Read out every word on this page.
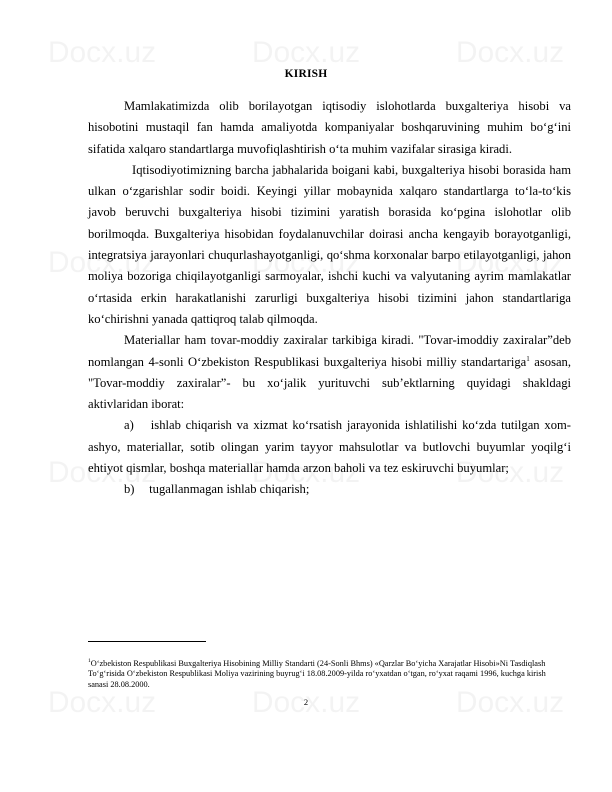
KIRISH

Mamlakatimizda olib borilayotgan iqtisodiy islohotlarda buxgalteriya hisobi va hisobotini mustaqil fan hamda amaliyotda kompaniyalar boshqaruvining muhim bo‘g‘ini sifatida xalqaro standartlarga muvofiqlashtirish o‘ta muhim vazifalar sirasiga kiradi.

Iqtisodiyotimizning barcha jabhalarida boigani kabi, buxgalteriya hisobi borasida ham ulkan o‘zgarishlar sodir boidi. Keyingi yillar mobaynida xalqaro standartlarga to‘la-to‘kis javob beruvchi buxgalteriya hisobi tizimini yaratish borasida ko‘pgina islohotlar olib borilmoqda. Buxgalteriya hisobidan foydalanuvchilar doirasi ancha kengayib borayotganligi, integratsiya jarayonlari chuqurlashayotganligi, qo‘shma korxonalar barpo etilayotganligi, jahon moliya bozoriga chiqilayotganligi sarmoyalar, ishchi kuchi va valyutaning ayrim mamlakatlar o‘rtasida erkin harakatlanishi zarurligi buxgalteriya hisobi tizimini jahon standartlariga ko‘chirishni yanada qattiqroq talab qilmoqda.

Materiallar ham tovar-moddiy zaxiralar tarkibiga kiradi. "Tovar-imoddiy zaxiralar”deb nomlangan 4-sonli O‘zbekiston Respublikasi buxgalteriya hisobi milliy standartariga$^1$ asosan, "Tovar-moddiy zaxiralar”- bu xo‘jalik yurituvchi sub’ektlarning quyidagi shakldagi aktivlaridan iborat:

a) ishlab chiqarish va xizmat ko‘rsatish jarayonida ishlatilishi ko‘zda tutilgan xom-ashyo, materiallar, sotib olingan yarim tayyor mahsulotlar va butlovchi buyumlar yoqilg‘i ehtiyot qismlar, boshqa materiallar hamda arzon baholi va tez eskiruvchi buyumlar;

b) tugallanmagan ishlab chiqarish;

$^1$O‘zbekiston Respublikasi Buxgalteriya Hisobining Milliy Standarti (24-Sonli Bhms) «Qarzlar Bo‘yicha Xarajatlar Hisobi»Ni Tasdiqlash To‘g‘risida O‘zbekiston Respublikasi Moliya vazirining buyrug‘i 18.08.2009-yilda ro‘yxatdan o‘tgan, ro‘yxat raqami 1996, kuchga kirish sanasi 28.08.2000.
2
